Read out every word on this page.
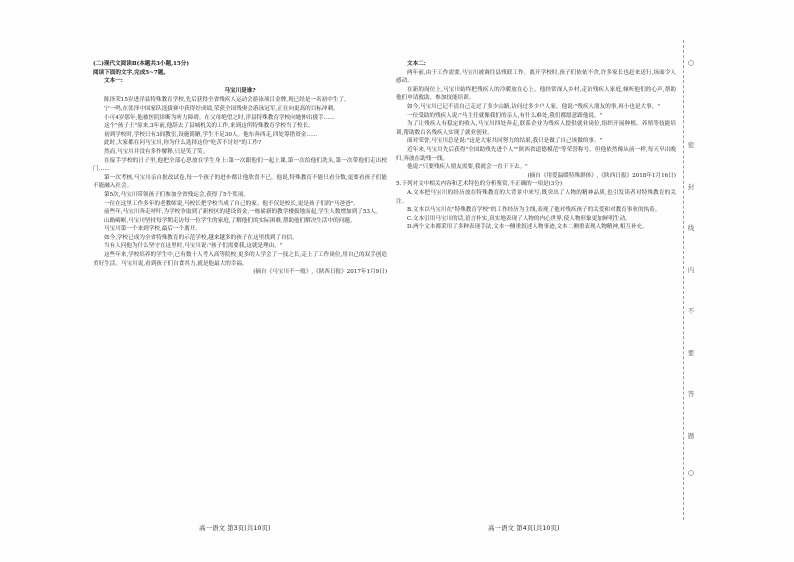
(二)现代文阅读Ⅱ(本题共3小题,15分)

阅读下面的文字,完成5~7题。

文本一:

马宝川是谁?

陈泽荣15岁进洋县特殊教育学校,先后获得全省残疾人运动会游泳项目金牌,现已经是一名初中生了。

宁一鸣,在张泽中国家队选拔赛中获得好成绩,荣获全国残奥会游泳冠军,正在向更高的目标冲刺。

小可4岁那年,他被医院诊断为听力障碍。在父母绝望之时,洋县特殊教育学校向她伸出援手……

这个"孩子王"原来,3年前,他辞去了县城机关的工作,来到这所特殊教育学校当了校长。

初到学校时,学校只有3间教室,设施简陋,学生不足30人。他东奔西走,四处筹措资金……

此时,大家都在问马宝川,你为什么选择这份"吃苦不讨好"的工作?

然而,马宝川并没有多作解释,只是笑了笑。

在接手学校的日子里,他把全部心思放在学生身上:第一次跟他们一起上课,第一次给他们洗头,第一次带他们走出校门……

第一次考核,马宝川亲自批改试卷,每一个孩子的进步都让他欣喜不已。他说,特殊教育不能只看分数,更要看孩子们能不能融入社会。

第5次,马宝川带领孩子们参加全省残运会,获得了5个奖项。

一位在这里工作多年的老教师说,马校长把学校当成了自己的家。他不仅是校长,更是孩子们的"马爸爸"。

前些年,马宝川奔走呼吁,为学校争取到了新校区的建设资金,一栋崭新的教学楼拔地而起,学生人数增加到了53人。

山路崎岖,马宝川坚持每学期走访每一位学生的家庭,了解他们的实际困难,帮助他们解决生活中的问题。

马宝川第一个来到学校,最后一个离开。

如今,学校已成为全省特殊教育的示范学校,越来越多的孩子在这里找到了自信。

当有人问他为什么坚守在这里时,马宝川说:"孩子们需要我,这就是理由。"

这些年来,学校培养的学生中,已有数十人考入高等院校,更多的人学会了一技之长,走上了工作岗位,用自己的双手创造美好生活。马宝川说,看到孩子们自食其力,就是他最大的幸福。

(摘自《马宝川不一般》,《陕西日报》2017年1月9日)

文本二:

两年前,由于工作需要,马宝川被调往县残联工作。离开学校时,孩子们依依不舍,许多家长也赶来送行,场面令人感动。

在新的岗位上,马宝川始终把残疾人的冷暖放在心上。他经常深入乡村,走访残疾人家庭,倾听他们的心声,帮助他们申请救助、参加技能培训。

如今,马宝川已记不清自己走过了多少山路,访问过多少户人家。他说:"残疾人朋友的事,再小也是大事。"

一位受助的残疾人说:"马主任就像我们的亲人,有什么难处,我们都愿意跟他说。"

为了让残疾人有稳定的收入,马宝川四处奔走,联系企业为残疾人提供就业岗位,组织开展种植、养殖等技能培训,帮助数百名残疾人实现了就业创业。

面对荣誉,马宝川总是说:"这是大家共同努力的结果,我只是做了自己该做的事。"

近年来,马宝川先后获得"全国助残先进个人""陕西省道德模范"等荣誉称号。但他依然像从前一样,每天早出晚归,奔波在助残一线。

他说:"只要残疾人朋友需要,我就会一直干下去。"

(摘自《用爱温暖特殊群体》,《陕西日报》2018年1月16日)

5.下列对文中相关内容和艺术特色的分析鉴赏,不正确的一项是(3分)

A.文本把马宝川的经历放在特殊教育的大背景中来写,既突出了人物的精神品质,也引发读者对特殊教育的关注。

B.文本以马宝川在"特殊教育学校"的工作经历为主线,表现了他对残疾孩子的关爱和对教育事业的执着。

C.文本引用马宝川的话,语言朴实,真实地表现了人物的内心世界,使人物形象更加鲜明生动。

D.两个文本都采用了多种表现手法,文本一侧重叙述人物事迹,文本二侧重表现人物精神,相互补充。

高一语文 第3页(共10页)	高一语文 第4页(共10页)
密
封
线
内
不
要
答
题
